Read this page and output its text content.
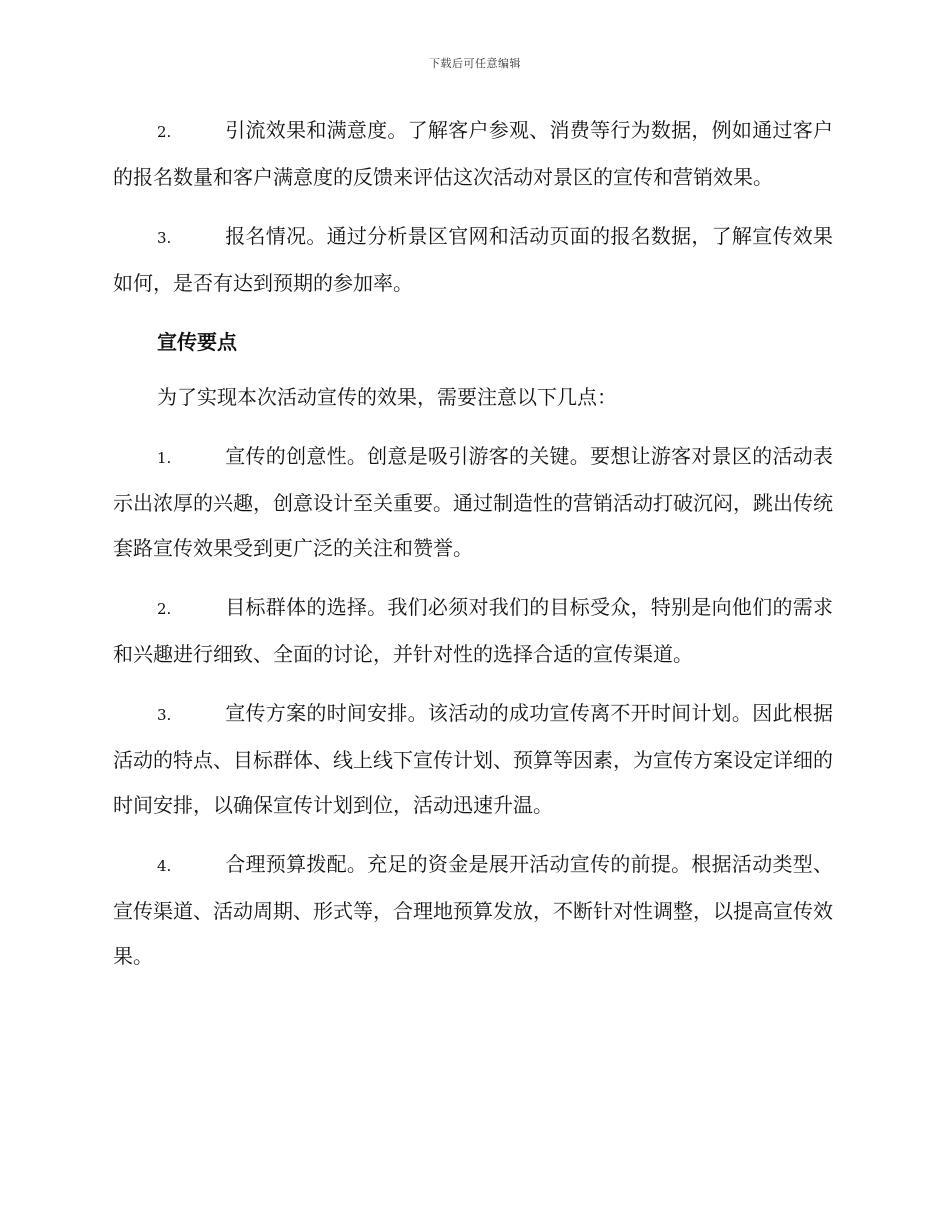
下载后可任意编辑

2.	引流效果和满意度。了解客户参观、消费等行为数据，例如通过客户的报名数量和客户满意度的反馈来评估这次活动对景区的宣传和营销效果。

3.	报名情况。通过分析景区官网和活动页面的报名数据，了解宣传效果如何，是否有达到预期的参加率。

宣传要点

为了实现本次活动宣传的效果，需要注意以下几点：

1.	宣传的创意性。创意是吸引游客的关键。要想让游客对景区的活动表示出浓厚的兴趣，创意设计至关重要。通过制造性的营销活动打破沉闷，跳出传统套路宣传效果受到更广泛的关注和赞誉。

2.	目标群体的选择。我们必须对我们的目标受众，特别是向他们的需求和兴趣进行细致、全面的讨论，并针对性的选择合适的宣传渠道。

3.	宣传方案的时间安排。该活动的成功宣传离不开时间计划。因此根据活动的特点、目标群体、线上线下宣传计划、预算等因素，为宣传方案设定详细的时间安排，以确保宣传计划到位，活动迅速升温。

4.	合理预算拨配。充足的资金是展开活动宣传的前提。根据活动类型、宣传渠道、活动周期、形式等，合理地预算发放，不断针对性调整，以提高宣传效果。
